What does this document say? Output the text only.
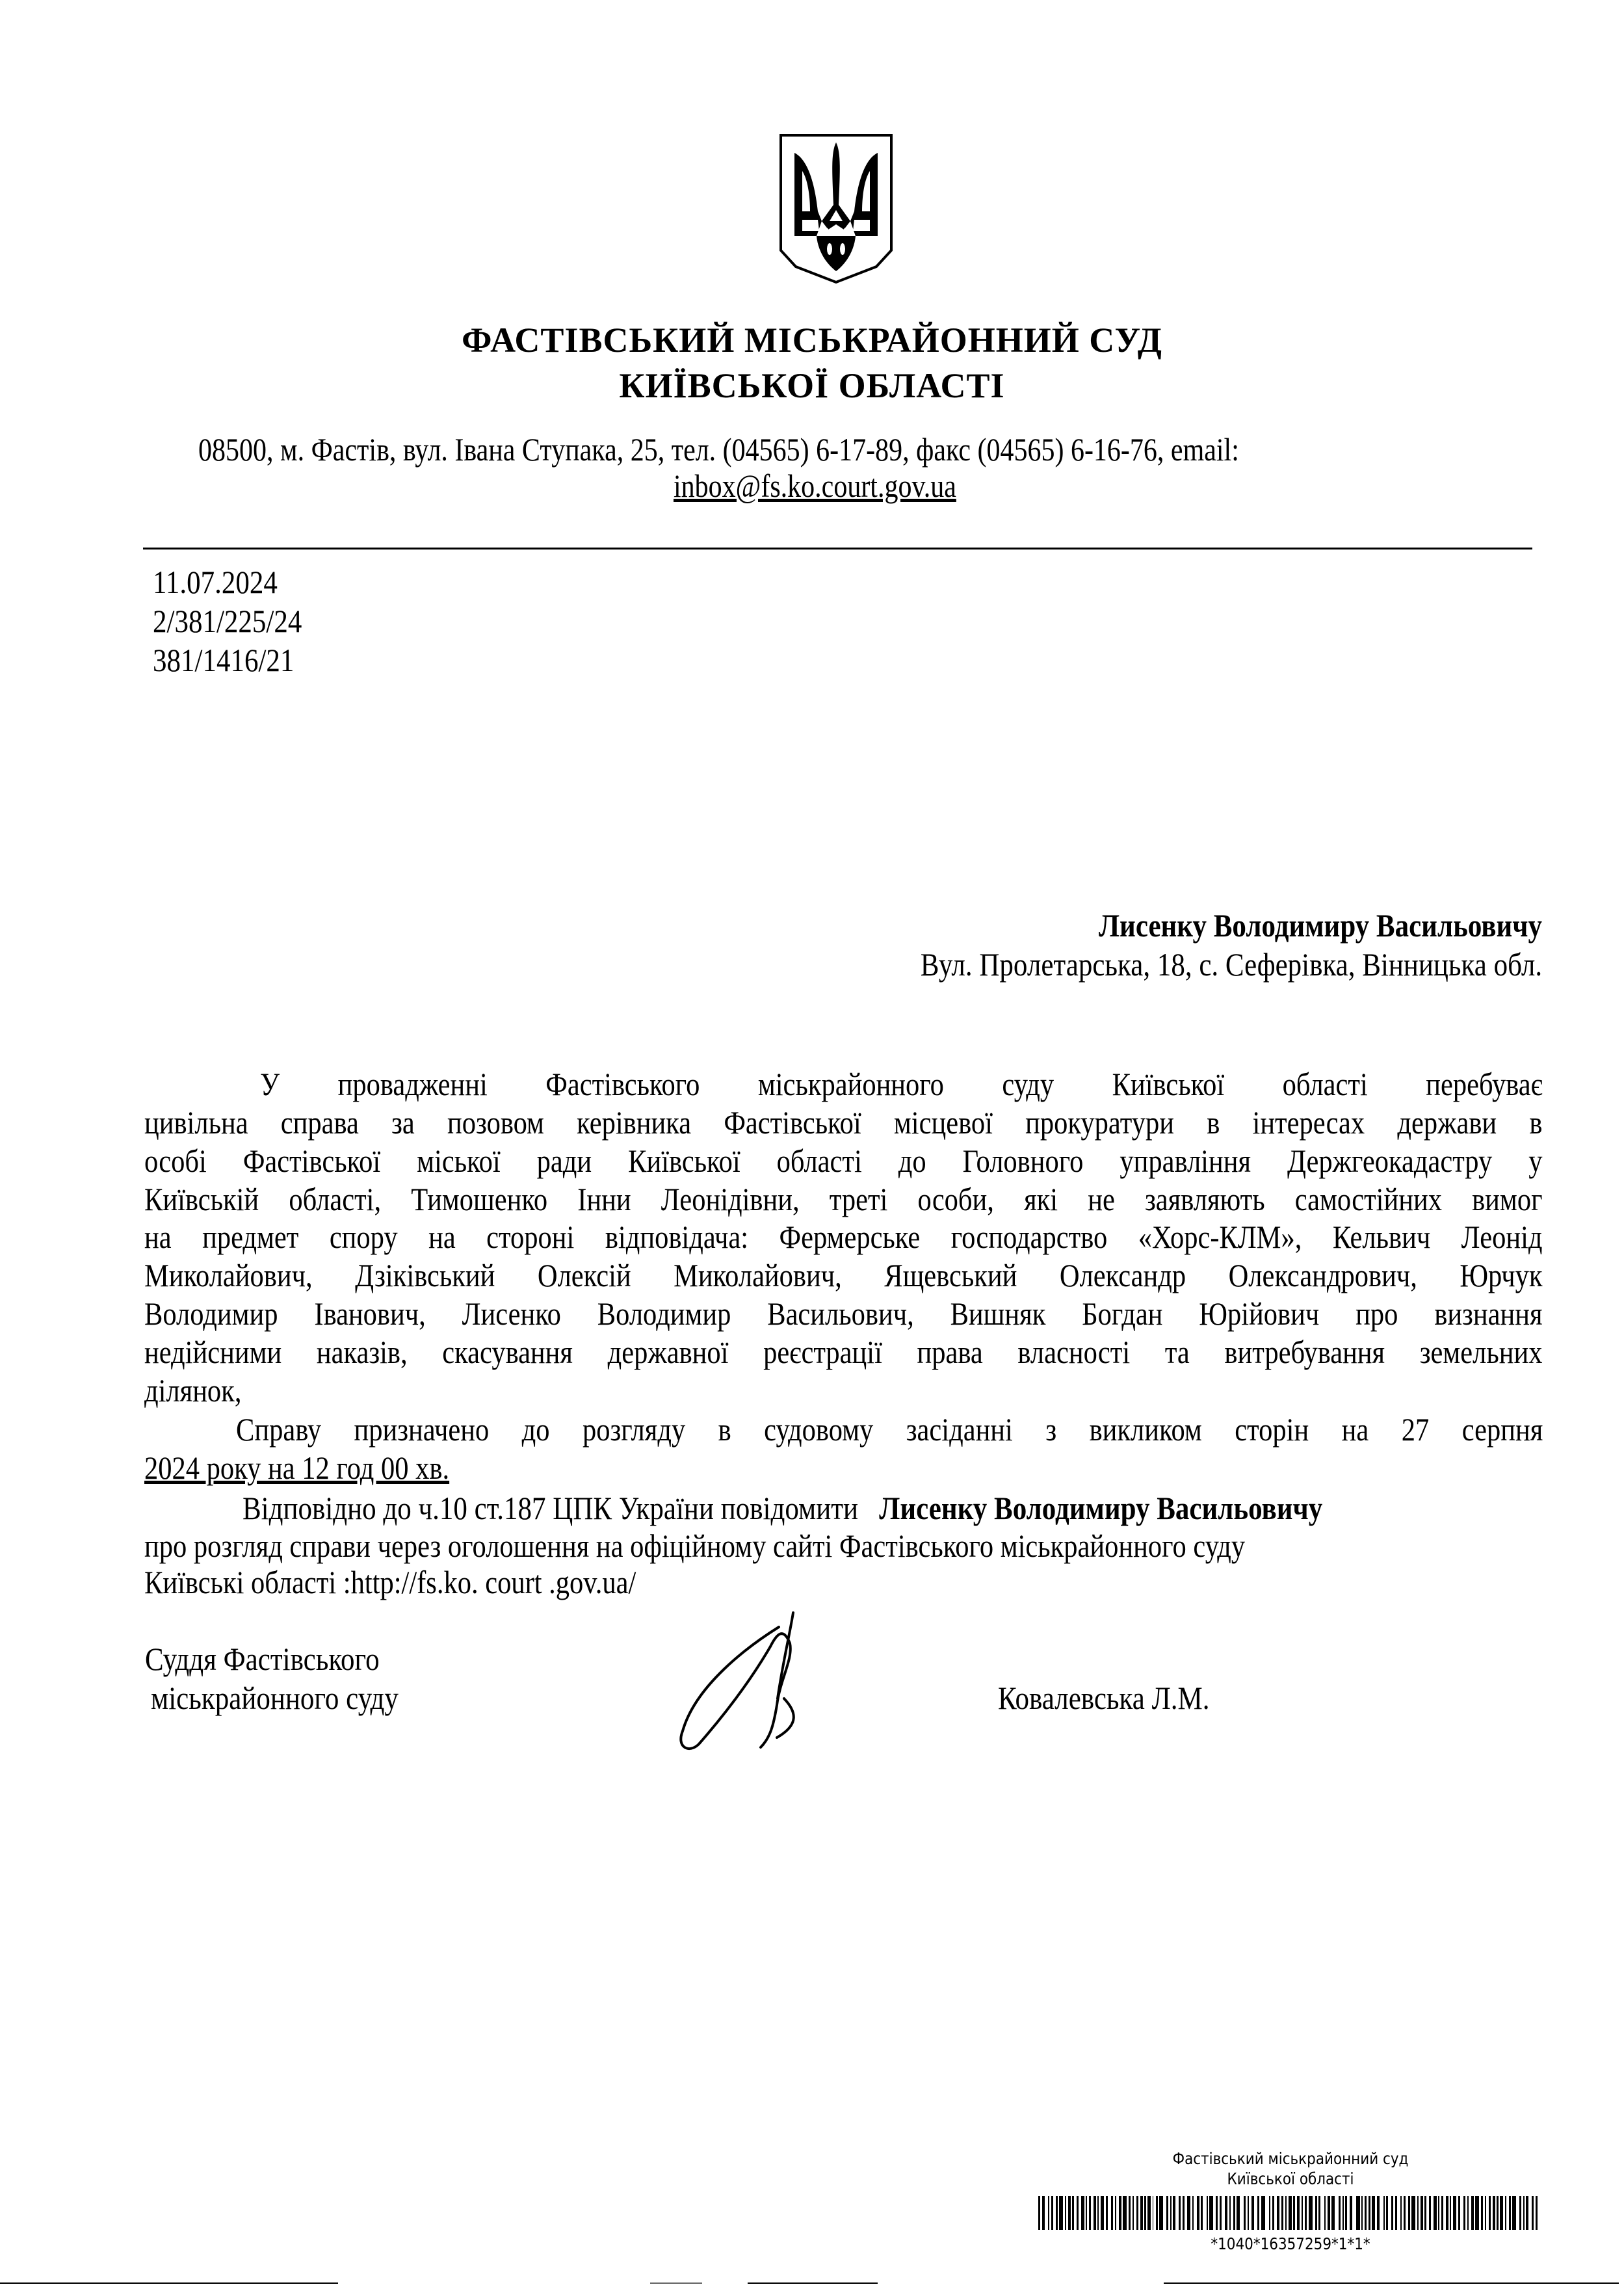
ФАСТІВСЬКИЙ МІСЬКРАЙОННИЙ СУД
КИЇВСЬКОЇ ОБЛАСТІ
08500, м. Фастів, вул. Івана Ступака, 25, тел. (04565) 6-17-89, факс (04565) 6-16-76, email:
inbox@fs.ko.court.gov.ua
11.07.2024
2/381/225/24
381/1416/21
Лисенку Володимиру Васильовичу
Вул. Пролетарська, 18, с. Сеферівка, Вінницька обл.
У провадженні Фастівського міськрайонного суду Київської області перебуває
цивільна справа за позовом керівника Фастівської місцевої прокуратури в інтересах держави в
особі Фастівської міської ради Київської області до Головного управління Держгеокадастру у
Київській області, Тимошенко Інни Леонідівни, треті особи, які не заявляють самостійних вимог
на предмет спору на стороні відповідача: Фермерське господарство «Хорс-КЛМ», Кельвич Леонід
Миколайович, Дзіківський Олексій Миколайович, Ящевський Олександр Олександрович, Юрчук
Володимир Іванович, Лисенко Володимир Васильович, Вишняк Богдан Юрійович про визнання
недійсними наказів, скасування державної реєстрації права власності та витребування земельних
ділянок,
Справу призначено до розгляду в судовому засіданні з викликом сторін на 27 серпня
2024 року на 12 год 00 хв.
Відповідно до ч.10 ст.187 ЦПК України повідомити Лисенку Володимиру Васильовичу
про розгляд справи через оголошення на офіційному сайті Фастівського міськрайонного суду
Київські області :http://fs.ko. court .gov.ua/
Суддя Фастівського
міськрайонного суду	Ковалевська Л.М.
Фастівський міськрайонний суд
Київської області
*1040*16357259*1*1*
